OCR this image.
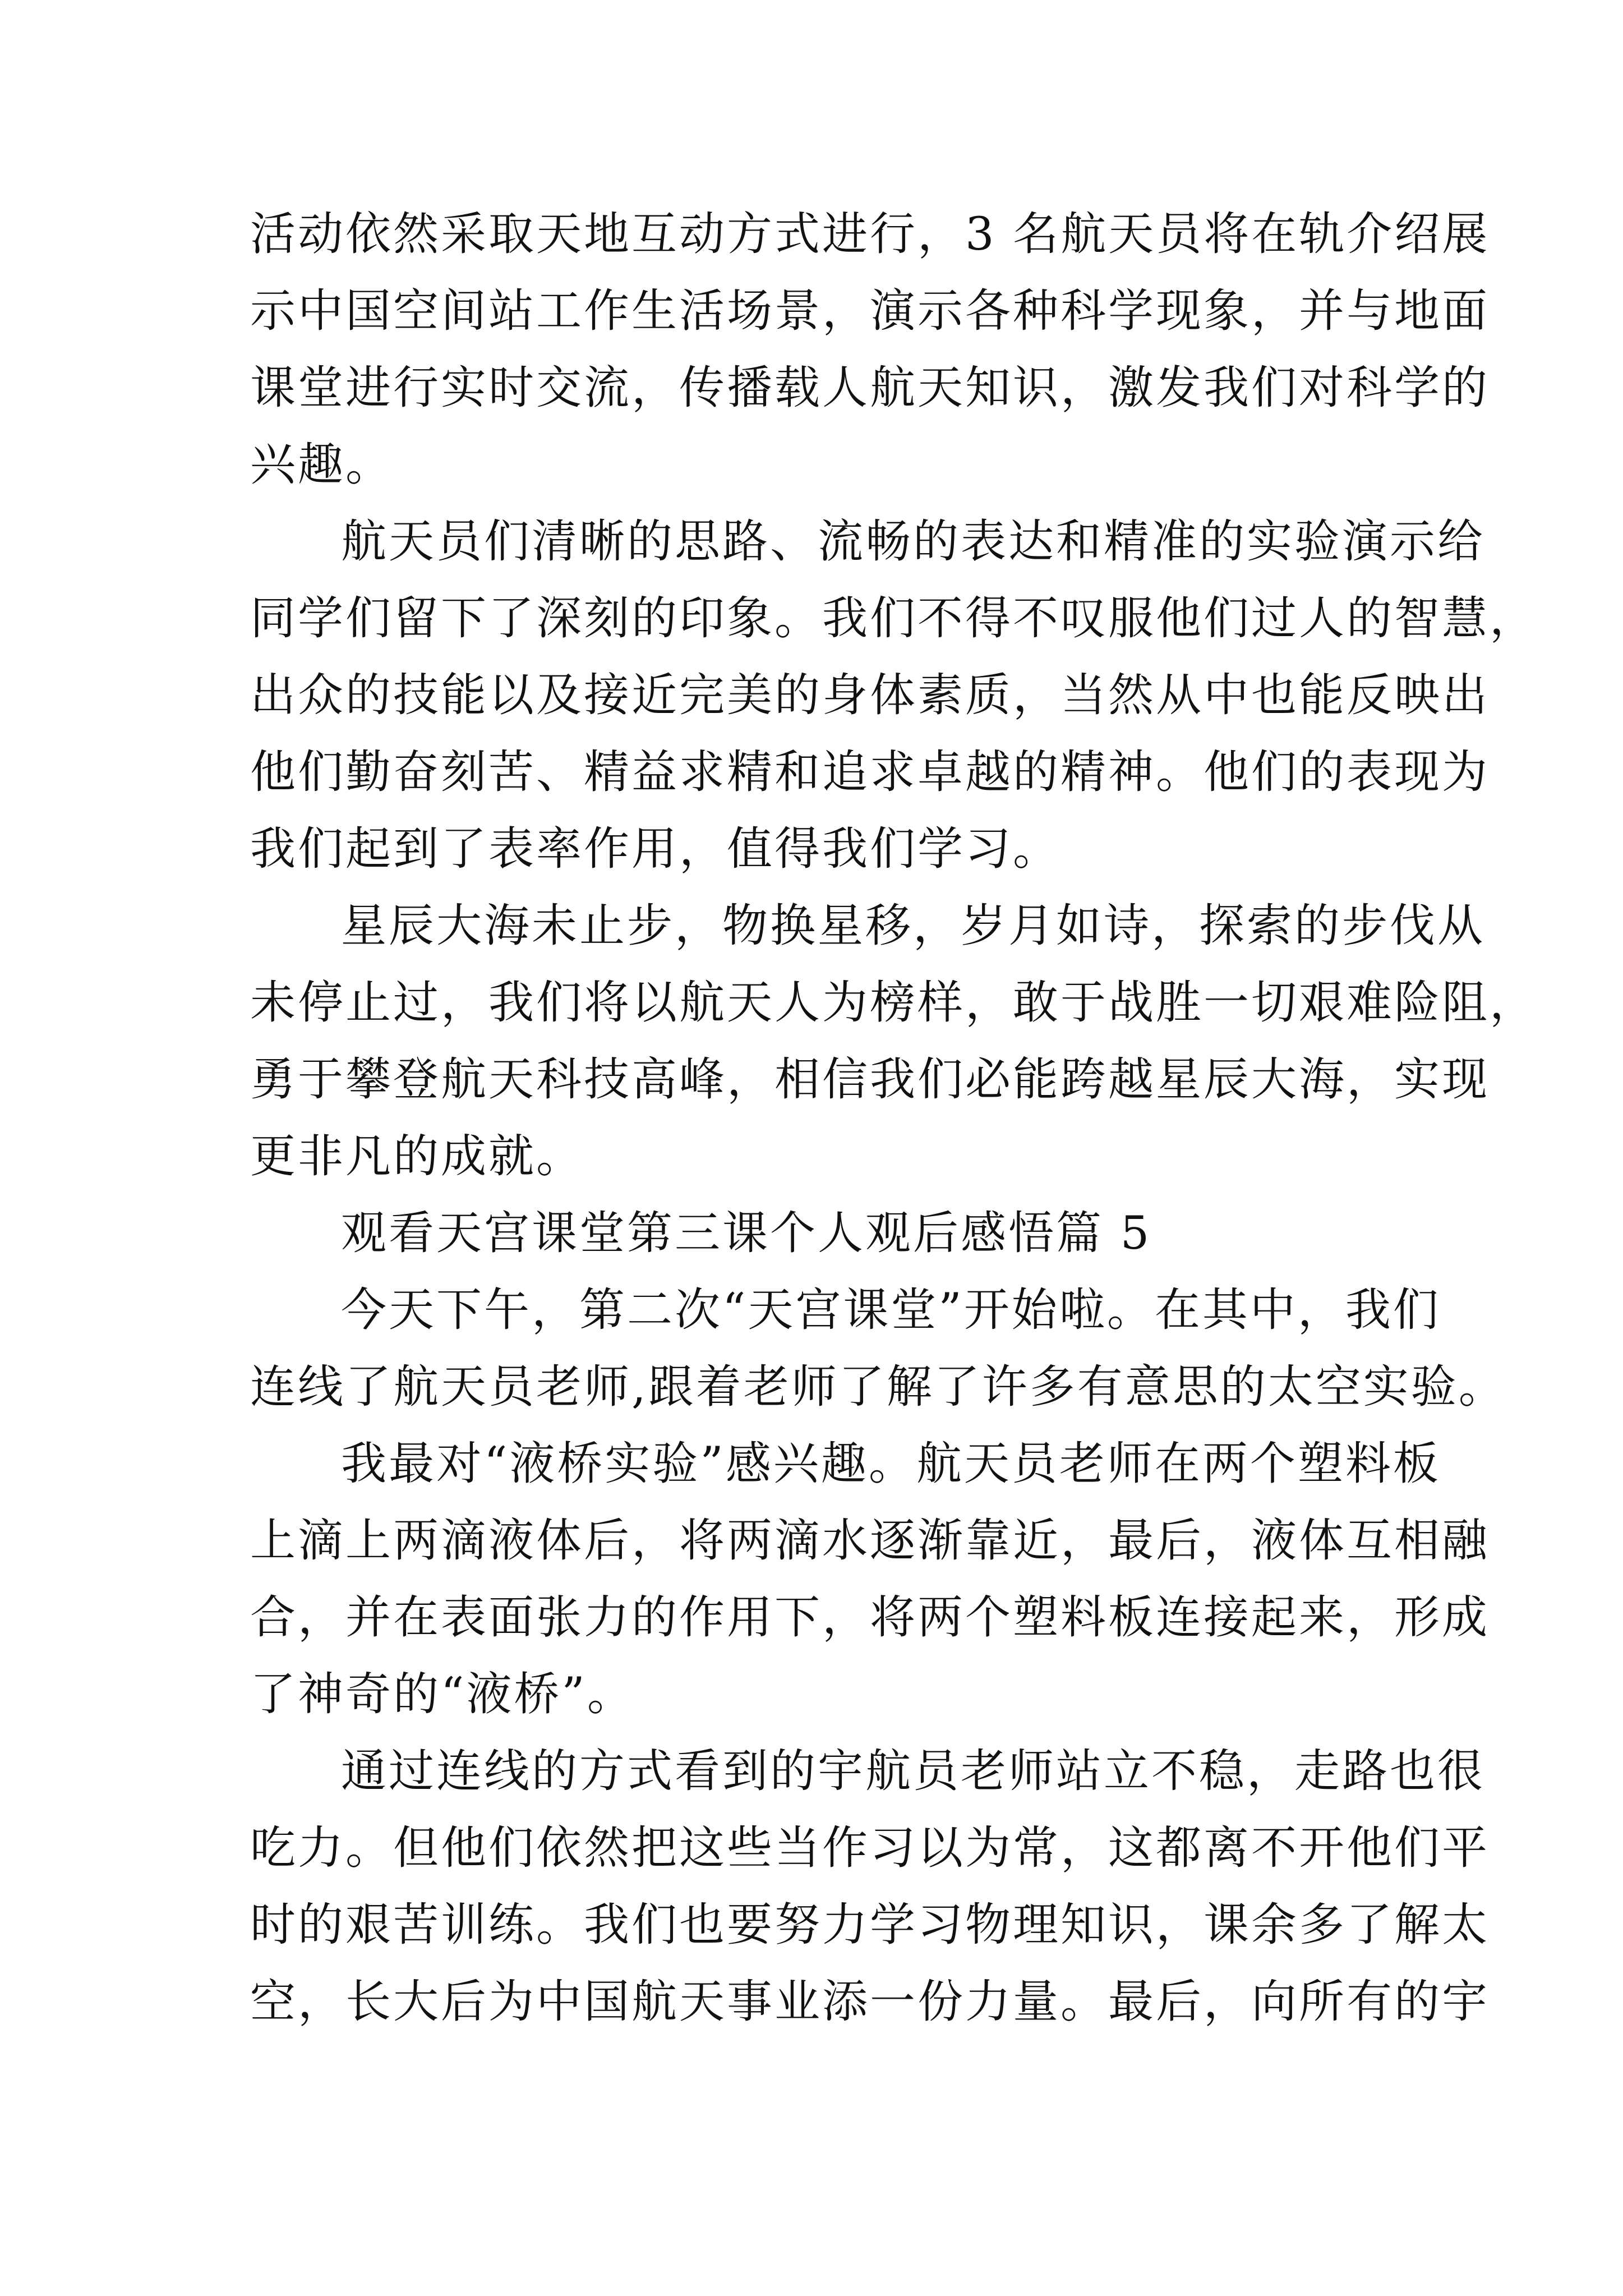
活动依然采取天地互动方式进行，3 名航天员将在轨介绍展
示中国空间站工作生活场景，演示各种科学现象，并与地面
课堂进行实时交流，传播载人航天知识，激发我们对科学的
兴趣。
航天员们清晰的思路、流畅的表达和精准的实验演示给
同学们留下了深刻的印象。我们不得不叹服他们过人的智慧，
出众的技能以及接近完美的身体素质，当然从中也能反映出
他们勤奋刻苦、精益求精和追求卓越的精神。他们的表现为
我们起到了表率作用，值得我们学习。
星辰大海未止步，物换星移，岁月如诗，探索的步伐从
未停止过，我们将以航天人为榜样，敢于战胜一切艰难险阻，
勇于攀登航天科技高峰，相信我们必能跨越星辰大海，实现
更非凡的成就。
观看天宫课堂第三课个人观后感悟篇 5
今天下午，第二次“天宫课堂”开始啦。在其中，我们
连线了航天员老师,跟着老师了解了许多有意思的太空实验。
我最对“液桥实验”感兴趣。航天员老师在两个塑料板
上滴上两滴液体后，将两滴水逐渐靠近，最后，液体互相融
合，并在表面张力的作用下，将两个塑料板连接起来，形成
了神奇的“液桥”。
通过连线的方式看到的宇航员老师站立不稳，走路也很
吃力。但他们依然把这些当作习以为常，这都离不开他们平
时的艰苦训练。我们也要努力学习物理知识，课余多了解太
空，长大后为中国航天事业添一份力量。最后，向所有的宇
